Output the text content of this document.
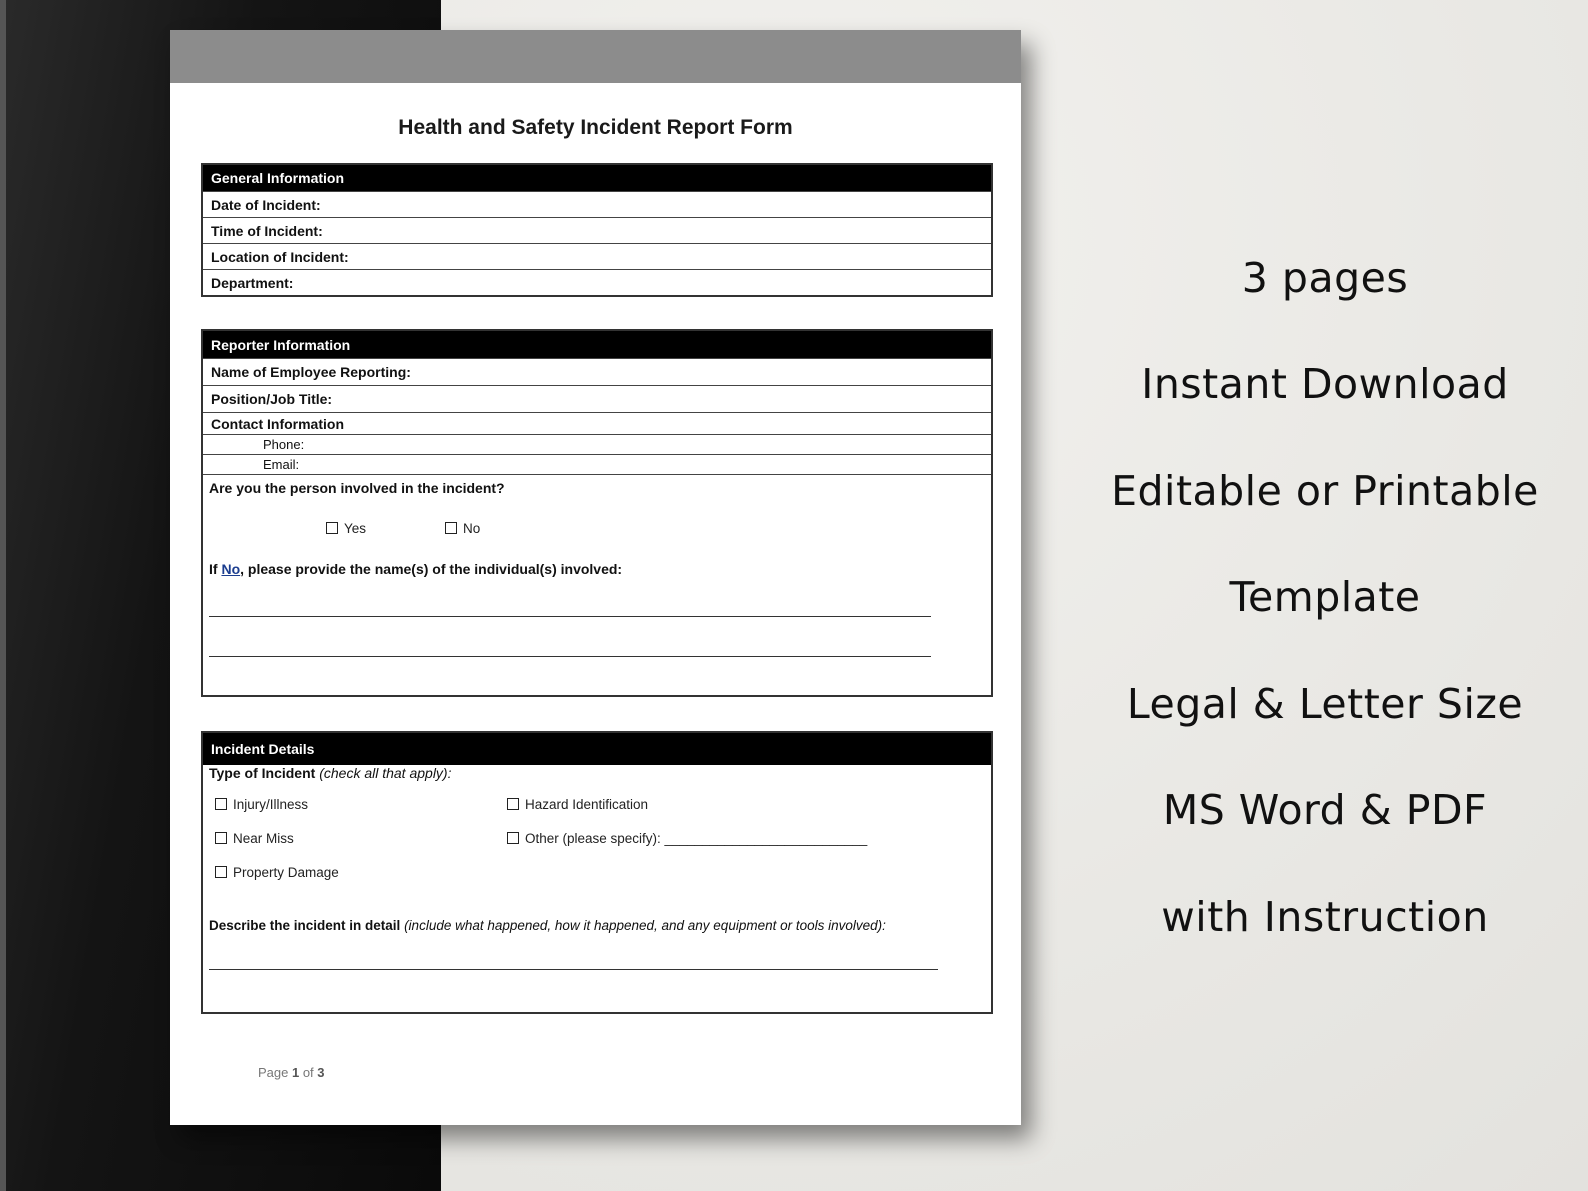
Health and Safety Incident Report Form
General Information
Date of Incident:
Time of Incident:
Location of Incident:
Department:
Reporter Information
Name of Employee Reporting:
Position/Job Title:
Contact Information
Phone:
Email:
Are you the person involved in the incident?
Yes	No
If No, please provide the name(s) of the individual(s) involved:
Incident Details
Type of Incident (check all that apply):
Injury/Illness
Near Miss
Property Damage
Hazard Identification
Other (please specify): ___________________________
Describe the incident in detail (include what happened, how it happened, and any equipment or tools involved):
Page 1 of 3
3 pages
Instant Download
Editable or Printable
Template
Legal & Letter Size
MS Word & PDF
with Instruction
